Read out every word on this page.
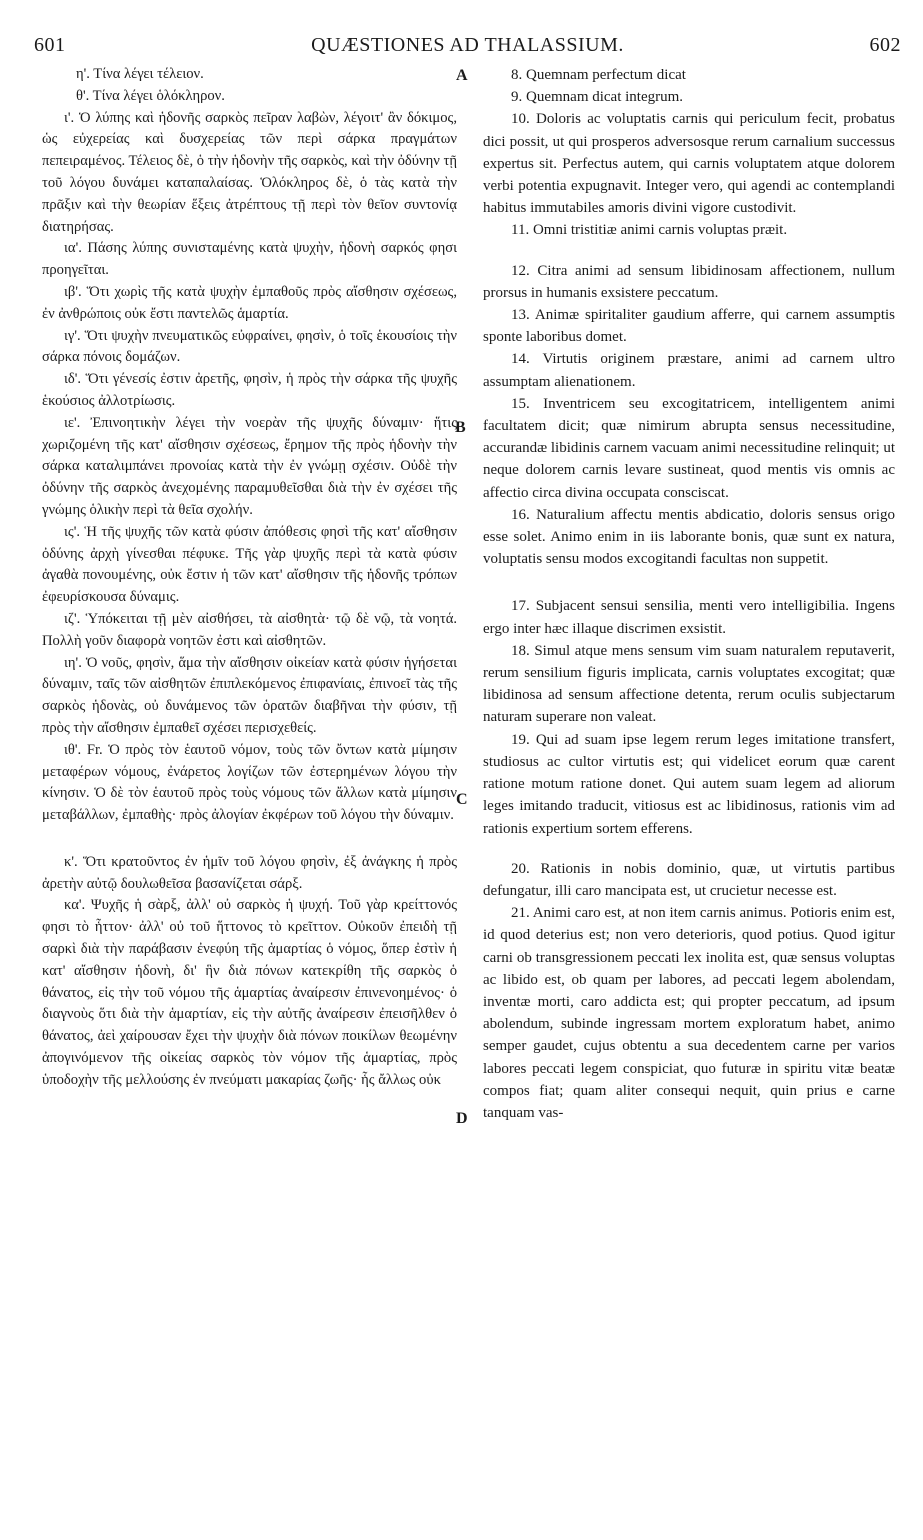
601	QUÆSTIONES AD THALASSIUM.	602
A
B
C
D

η'. Τίνα λέγει τέλειον.

θ'. Τίνα λέγει ὁλόκληρον.

ι'. Ὁ λύπης καὶ ἡδονῆς σαρκὸς πεῖραν λαβὼν, λέγοιτ' ἂν δόκιμος, ὡς εὐχερείας καὶ δυσχερείας τῶν περὶ σάρκα πραγμάτων πεπειραμένος. Τέλειος δὲ, ὁ τὴν ἡδονὴν τῆς σαρκὸς, καὶ τὴν ὀδύνην τῇ τοῦ λόγου δυνάμει καταπαλαίσας. Ὁλόκληρος δὲ, ὁ τὰς κατὰ τὴν πρᾶξιν καὶ τὴν θεωρίαν ἕξεις ἀτρέπτους τῇ περὶ τὸν θεῖον συντονίᾳ διατηρήσας.

ια'. Πάσης λύπης συνισταμένης κατὰ ψυχὴν, ἡδονὴ σαρκός φησι προηγεῖται.

ιβ'. Ὅτι χωρὶς τῆς κατὰ ψυχὴν ἐμπαθοῦς πρὸς αἴσθησιν σχέσεως, ἐν ἀνθρώποις οὐκ ἔστι παντελῶς ἁμαρτία.

ιγ'. Ὅτι ψυχὴν πνευματικῶς εὐφραίνει, φησὶν, ὁ τοῖς ἑκουσίοις τὴν σάρκα πόνοις δομάζων.

ιδ'. Ὅτι γένεσίς ἐστιν ἀρετῆς, φησὶν, ἡ πρὸς τὴν σάρκα τῆς ψυχῆς ἑκούσιος ἀλλοτρίωσις.

ιε'. Ἐπινοητικὴν λέγει τὴν νοερὰν τῆς ψυχῆς δύναμιν· ἥτις χωριζομένη τῆς κατ' αἴσθησιν σχέσεως, ἔρημον τῆς πρὸς ἡδονὴν τὴν σάρκα καταλιμπάνει προνοίας κατὰ τὴν ἐν γνώμῃ σχέσιν. Οὐδὲ τὴν ὀδύνην τῆς σαρκὸς ἀνεχομένης παραμυθεῖσθαι διὰ τὴν ἐν σχέσει τῆς γνώμης ὁλικὴν περὶ τὰ θεῖα σχολήν.

ις'. Ἡ τῆς ψυχῆς τῶν κατὰ φύσιν ἀπόθεσις φησὶ τῆς κατ' αἴσθησιν ὀδύνης ἀρχὴ γίνεσθαι πέφυκε. Τῆς γὰρ ψυχῆς περὶ τὰ κατὰ φύσιν ἀγαθὰ πονουμένης, οὐκ ἔστιν ἡ τῶν κατ' αἴσθησιν τῆς ἡδονῆς τρόπων ἐφευρίσκουσα δύναμις.

ιζ'. Ὑπόκειται τῇ μὲν αἰσθήσει, τὰ αἰσθητὰ· τῷ δὲ νῷ, τὰ νοητά. Πολλὴ γοῦν διαφορὰ νοητῶν ἐστι καὶ αἰσθητῶν.

ιη'. Ὁ νοῦς, φησὶν, ἅμα τὴν αἴσθησιν οἰκείαν κατὰ φύσιν ἡγήσεται δύναμιν, ταῖς τῶν αἰσθητῶν ἐπιπλεκόμενος ἐπιφανίαις, ἐπινοεῖ τὰς τῆς σαρκὸς ἡδονὰς, οὐ δυνάμενος τῶν ὁρατῶν διαβῆναι τὴν φύσιν, τῇ πρὸς τὴν αἴσθησιν ἐμπαθεῖ σχέσει περισχεθείς.

ιθ'. Fr. Ὁ πρὸς τὸν ἑαυτοῦ νόμον, τοὺς τῶν ὄντων κατὰ μίμησιν μεταφέρων νόμους, ἐνάρετος λογίζων τῶν ἐστερημένων λόγου τὴν κίνησιν. Ὁ δὲ τὸν ἑαυτοῦ πρὸς τοὺς νόμους τῶν ἄλλων κατὰ μίμησιν μεταβάλλων, ἐμπαθὴς· πρὸς ἀλογίαν ἐκφέρων τοῦ λόγου τὴν δύναμιν.

κ'. Ὅτι κρατοῦντος ἐν ἡμῖν τοῦ λόγου φησὶν, ἐξ ἀνάγκης ἡ πρὸς ἀρετὴν αὐτῷ δουλωθεῖσα βασανίζεται σάρξ.

κα'. Ψυχῆς ἡ σὰρξ, ἀλλ' οὐ σαρκὸς ἡ ψυχή. Τοῦ γὰρ κρείττονός φησι τὸ ἧττον· ἀλλ' οὐ τοῦ ἥττονος τὸ κρεῖττον. Οὐκοῦν ἐπειδὴ τῇ σαρκὶ διὰ τὴν παράβασιν ἐνεφύη τῆς ἁμαρτίας ὁ νόμος, ὅπερ ἐστὶν ἡ κατ' αἴσθησιν ἡδονὴ, δι' ἣν διὰ πόνων κατεκρίθη τῆς σαρκὸς ὁ θάνατος, εἰς τὴν τοῦ νόμου τῆς ἁμαρτίας ἀναίρεσιν ἐπινενοημένος· ὁ διαγνοὺς ὅτι διὰ τὴν ἁμαρτίαν, εἰς τὴν αὐτῆς ἀναίρεσιν ἐπεισῆλθεν ὁ θάνατος, ἀεὶ χαίρουσαν ἔχει τὴν ψυχὴν διὰ πόνων ποικίλων θεωμένην ἀπογινόμενον τῆς οἰκείας σαρκὸς τὸν νόμον τῆς ἁμαρτίας, πρὸς ὑποδοχὴν τῆς μελλούσης ἐν πνεύματι μακαρίας ζωῆς· ἧς ἄλλως οὐκ

8. Quemnam perfectum dicat

9. Quemnam dicat integrum.

10. Doloris ac voluptatis carnis qui periculum fecit, probatus dici possit, ut qui prosperos adversosque rerum carnalium successus expertus sit. Perfectus autem, qui carnis voluptatem atque dolorem verbi potentia expugnavit. Integer vero, qui agendi ac contemplandi habitus immutabiles amoris divini vigore custodivit.

11. Omni tristitiæ animi carnis voluptas præit.

12. Citra animi ad sensum libidinosam affectionem, nullum prorsus in humanis exsistere peccatum.

13. Animæ spiritaliter gaudium afferre, qui carnem assumptis sponte laboribus domet.

14. Virtutis originem præstare, animi ad carnem ultro assumptam alienationem.

15. Inventricem seu excogitatricem, intelligentem animi facultatem dicit; quæ nimirum abrupta sensus necessitudine, accurandæ libidinis carnem vacuam animi necessitudine relinquit; ut neque dolorem carnis levare sustineat, quod mentis vis omnis ac affectio circa divina occupata consciscat.

16. Naturalium affectu mentis abdicatio, doloris sensus origo esse solet. Animo enim in iis laborante bonis, quæ sunt ex natura, voluptatis sensu modos excogitandi facultas non suppetit.

17. Subjacent sensui sensilia, menti vero intelligibilia. Ingens ergo inter hæc illaque discrimen exsistit.

18. Simul atque mens sensum vim suam naturalem reputaverit, rerum sensilium figuris implicata, carnis voluptates excogitat; quæ libidinosa ad sensum affectione detenta, rerum oculis subjectarum naturam superare non valeat.

19. Qui ad suam ipse legem rerum leges imitatione transfert, studiosus ac cultor virtutis est; qui videlicet eorum quæ carent ratione motum ratione donet. Qui autem suam legem ad aliorum leges imitando traducit, vitiosus est ac libidinosus, rationis vim ad rationis expertium sortem efferens.

20. Rationis in nobis dominio, quæ, ut virtutis partibus defungatur, illi caro mancipata est, ut crucietur necesse est.

21. Animi caro est, at non item carnis animus. Potioris enim est, id quod deterius est; non vero deterioris, quod potius. Quod igitur carni ob transgressionem peccati lex inolita est, quæ sensus voluptas ac libido est, ob quam per labores, ad peccati legem abolendam, inventæ morti, caro addicta est; qui propter peccatum, ad ipsum abolendum, subinde ingressam mortem exploratum habet, animo semper gaudet, cujus obtentu a sua decedentem carne per varios labores peccati legem conspiciat, quo futuræ in spiritu vitæ beatæ compos fiat; quam aliter consequi nequit, quin prius e carne tanquam vas-
